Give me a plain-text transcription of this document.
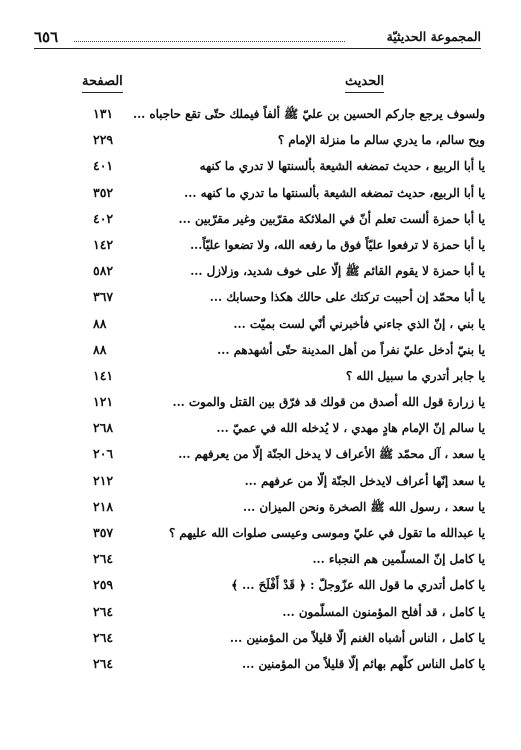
٦٥٦	المجموعة الحديثيّة
الصفحة	الحديث
ولسوف يرجع جاركم الحسين بن عليّ ﷺ ألفاً فيملك حتّى تقع حاجباه ...
١٣١
ويح سالم، ما يدري سالم ما منزلة الإمام ؟
٢٢٩
يا أبا الربيع ، حديث تمضغه الشيعة بألسنتها لا تدري ما كنهه
٤٠١
يا أبا الربيع، حديث تمضغه الشيعة بألسنتها ما تدري ما كنهه ...
٣٥٢
يا أبا حمزة ألست تعلم أنّ في الملائكة مقرّبين وغير مقرّبين ...
٤٠٢
يا أبا حمزة لا ترفعوا عليّاً فوق ما رفعه الله، ولا تضعوا عليّاً...
١٤٢
يا أبا حمزة لا يقوم القائم ﷺ إلّا على خوف شديد، وزلازل ...
٥٨٢
يا أبا محمّد إن أحببت تركتك على حالك هكذا وحسابك ...
٣٦٧
يا بني ، إنّ الذي جاءني فأخبرني أنّي لست بميّت ...
٨٨
يا بنيّ أدخل عليّ نفراً من أهل المدينة حتّى أشهدهم ...
٨٨
يا جابر أتدري ما سبيل الله ؟
١٤١
يا زرارة قول الله أصدق من قولك قد فرّق بين القتل والموت ...
١٢١
يا سالم إنّ الإمام هادٍ مهدي ، لا يُدخله الله في عميّ ...
٢٦٨
يا سعد ، آل محمّد ﷺ الأعراف لا يدخل الجنّة إلّا من يعرفهم ...
٢٠٦
يا سعد إنّها أعراف لايدخل الجنّة إلّا من عرفهم ...
٢١٢
يا سعد ، رسول الله ﷺ الصخرة ونحن الميزان ...
٢١٨
يا عبدالله ما تقول في عليّ وموسى وعيسى صلوات الله عليهم ؟
٣٥٧
يا كامل إنّ المسلّمين هم النجباء ...
٢٦٤
يا كامل أتدري ما قول الله عزّوجلّ : ﴿ قَدْ أَفْلَحَ ... ﴾
٢٥٩
يا كامل ، قد أفلح المؤمنون المسلّمون ...
٢٦٤
يا كامل ، الناس أشباه الغنم إلّا قليلاً من المؤمنين ...
٢٦٤
يا كامل الناس كلّهم بهائم إلّا قليلاً من المؤمنين ...
٢٦٤
